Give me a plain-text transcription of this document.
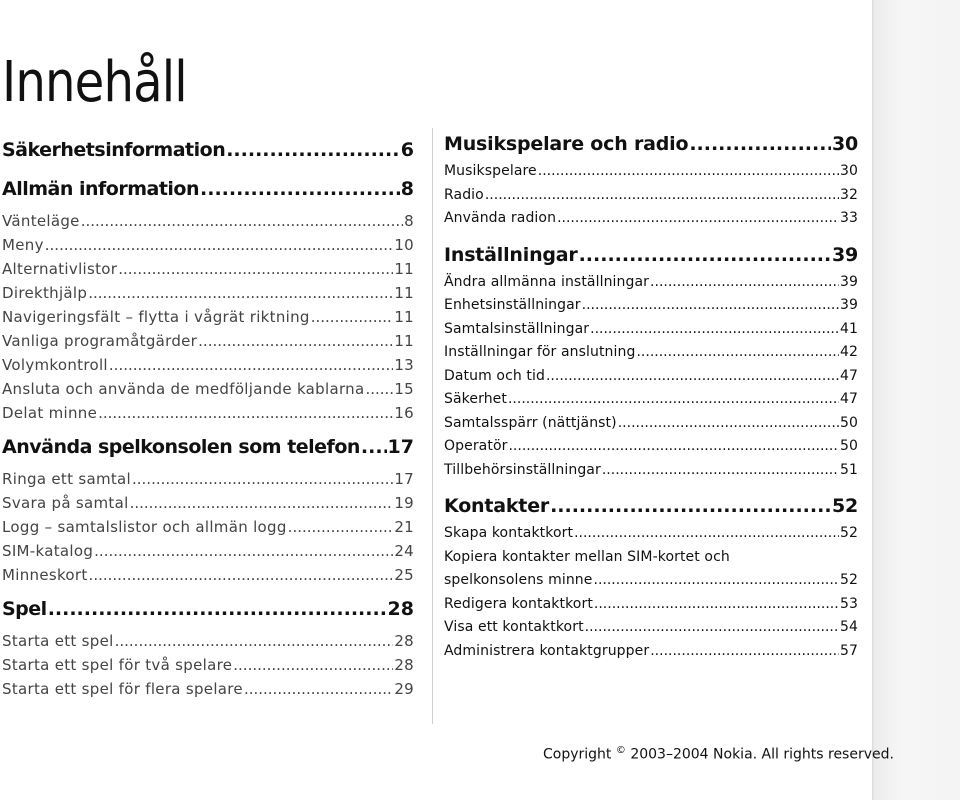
Innehåll
Säkerhetsinformation .....	6
Allmän information .....	8
Vänteläge .....	8
Meny .....	10
Alternativlistor .....	11
Direkthjälp .....	11
Navigeringsfält – flytta i vågrät riktning .....	11
Vanliga programåtgärder .....	11
Volymkontroll .....	13
Ansluta och använda de medföljande kablarna ..... 15
Delat minne .....	16
Använda spelkonsolen som telefon ..... 17
Ringa ett samtal .....	17
Svara på samtal .....	19
Logg – samtalslistor och allmän logg .....	21
SIM-katalog .....	24
Minneskort .....	25
Spel .....	28
Starta ett spel .....	28
Starta ett spel för två spelare .....	28
Starta ett spel för flera spelare .....	29
Musikspelare och radio .....	30
Musikspelare .....	30
Radio .....	32
Använda radion .....	33
Inställningar .....	39
Ändra allmänna inställningar .....	39
Enhetsinställningar .....	39
Samtalsinställningar .....	41
Inställningar för anslutning .....	42
Datum och tid .....	47
Säkerhet .....	47
Samtalsspärr (nättjänst) .....	50
Operatör .....	50
Tillbehörsinställningar .....	51
Kontakter .....	52
Skapa kontaktkort .....	52
Kopiera kontakter mellan SIM-kortet och
spelkonsolens minne .....	52
Redigera kontaktkort .....	53
Visa ett kontaktkort .....	54
Administrera kontaktgrupper .....	57
Copyright © 2003–2004 Nokia. All rights reserved.
